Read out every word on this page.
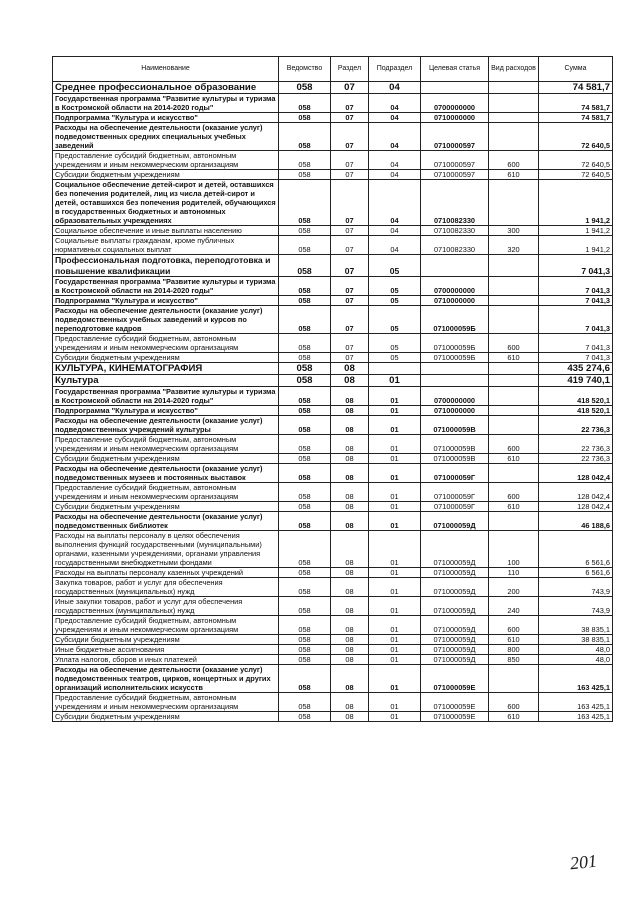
Наименование	Ведомство	Раздел	Подраздел	Целевая статья	Вид расходов	Сумма
Среднее профессиональное образование	058	07	04			74 581,7
Государственная программа "Развитие культуры и туризма в Костромской области на 2014-2020 годы"	058	07	04	0700000000		74 581,7
Подпрограмма "Культура и искусство"	058	07	04	0710000000		74 581,7
Расходы на обеспечение деятельности (оказание услуг) подведомственных средних специальных учебных заведений	058	07	04	0710000597		72 640,5
Предоставление субсидий бюджетным, автономным учреждениям и иным некоммерческим организациям	058	07	04	0710000597	600	72 640,5
Субсидии бюджетным учреждениям	058	07	04	0710000597	610	72 640,5
Социальное обеспечение детей-сирот и детей, оставшихся без попечения родителей, лиц из числа детей-сирот и детей, оставшихся без попечения родителей, обучающихся в государственных бюджетных и автономных образовательных учреждениях	058	07	04	0710082330		1 941,2
Социальное обеспечение и иные выплаты населению	058	07	04	0710082330	300	1 941,2
Социальные выплаты гражданам, кроме публичных нормативных социальных выплат	058	07	04	0710082330	320	1 941,2
Профессиональная подготовка, переподготовка и повышение квалификации	058	07	05			7 041,3
Государственная программа "Развитие культуры и туризма в Костромской области на 2014-2020 годы"	058	07	05	0700000000		7 041,3
Подпрограмма "Культура и искусство"	058	07	05	0710000000		7 041,3
Расходы на обеспечение деятельности (оказание услуг) подведомственных учебных заведений и курсов по переподготовке кадров	058	07	05	071000059Б		7 041,3
Предоставление субсидий бюджетным, автономным учреждениям и иным некоммерческим организациям	058	07	05	071000059Б	600	7 041,3
Субсидии бюджетным учреждениям	058	07	05	071000059Б	610	7 041,3
КУЛЬТУРА, КИНЕМАТОГРАФИЯ	058	08				435 274,6
Культура	058	08	01			419 740,1
Государственная программа "Развитие культуры и туризма в Костромской области на 2014-2020 годы"	058	08	01	0700000000		418 520,1
Подпрограмма "Культура и искусство"	058	08	01	0710000000		418 520,1
Расходы на обеспечение деятельности (оказание услуг) подведомственных учреждений культуры	058	08	01	071000059В		22 736,3
Предоставление субсидий бюджетным, автономным учреждениям и иным некоммерческим организациям	058	08	01	071000059В	600	22 736,3
Субсидии бюджетным учреждениям	058	08	01	071000059В	610	22 736,3
Расходы на обеспечение деятельности (оказание услуг) подведомственных музеев и постоянных выставок	058	08	01	071000059Г		128 042,4
Предоставление субсидий бюджетным, автономным учреждениям и иным некоммерческим организациям	058	08	01	071000059Г	600	128 042,4
Субсидии бюджетным учреждениям	058	08	01	071000059Г	610	128 042,4
Расходы на обеспечение деятельности (оказание услуг) подведомственных библиотек	058	08	01	071000059Д		46 188,6
Расходы на выплаты персоналу в целях обеспечения выполнения функций государственными (муниципальными) органами, казенными учреждениями, органами управления государственными внебюджетными фондами	058	08	01	071000059Д	100	6 561,6
Расходы на выплаты персоналу казенных учреждений	058	08	01	071000059Д	110	6 561,6
Закупка товаров, работ и услуг для обеспечения государственных (муниципальных) нужд	058	08	01	071000059Д	200	743,9
Иные закупки товаров, работ и услуг для обеспечения государственных (муниципальных) нужд	058	08	01	071000059Д	240	743,9
Предоставление субсидий бюджетным, автономным учреждениям и иным некоммерческим организациям	058	08	01	071000059Д	600	38 835,1
Субсидии бюджетным учреждениям	058	08	01	071000059Д	610	38 835,1
Иные бюджетные ассигнования	058	08	01	071000059Д	800	48,0
Уплата налогов, сборов и иных платежей	058	08	01	071000059Д	850	48,0
Расходы на обеспечение деятельности (оказание услуг) подведомственных театров, цирков, концертных и других организаций исполнительских искусств	058	08	01	071000059Е		163 425,1
Предоставление субсидий бюджетным, автономным учреждениям и иным некоммерческим организациям	058	08	01	071000059Е	600	163 425,1
Субсидии бюджетным учреждениям	058	08	01	071000059Е	610	163 425,1
201
